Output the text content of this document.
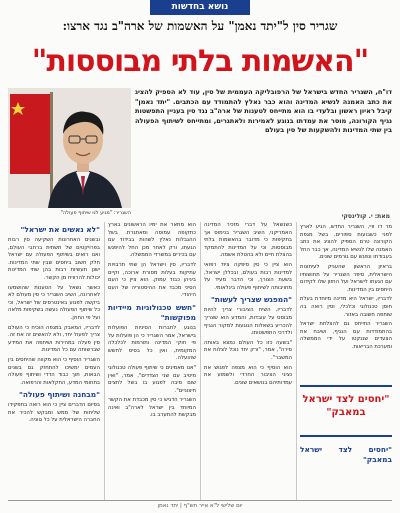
נושא בחדשות
שגריר סין ל"יתד נאמן" על האשמות של ארה"ב נגד ארצו:
"האשמות בלתי מבוססות"

דו"ח, השגריר החדש בישראל של הרפובליקה העממית של סין, עוד לא הספיק להציג את כתב האמנה לנשיא המדינה והוא כבר נאלץ להתמודד עם הכתבים. "יתד נאמן" קיבל ראיון ראשון ובלעדי בו הוא מתייחס לטענות של ארה"ב נגד סין בעניין התפשטות נגיף הקורונה, מוסר את עמדתו בנוגע לאמירות ולאתגרים, ומתייחס לשיתוף הפעולה בין שתי המדינות ולהשקעות של סין בעולם

השגריר: "מגיע לנו שיתוף פעולה"	מאת: י. קולינסקי
"לא נאשים את ישראל"

ובשנים האחרונות השקיעה סין רבות בפרויקטים של תשתית ברחבי העולם, ואנו רואים בשיתוף הפעולה עם ישראל חלק חשוב ביחסים שבין שתי המדינות. ישנן תעשיות רבות בהן שתי המדינות יכולות להרוויח מן הקשר.

כאשר נשאל על הטענות שהושמעו לאחרונה, השיב השגריר כי סין מעולם לא ביקשה לפגוע באינטרסים של ישראל, וכי כל שיתוף הפעולה נעשה בשקיפות מלאה ועל פי החוק.

לדבריו, המאבק במגפה הוכיח כי העולם צריך לפעול יחד, ולא להאשים זה את זה. סין פעלה במהירות ושיתפה את המידע שברשותה עם כל המדינות.

השגריר הוסיף כי הוא מקווה שהיחסים בין העמים ימשיכו להתחזק גם בשנים הבאות, תוך כבוד הדדי ושיתוף פעולה בתחומי המדע, החקלאות והרפואה.

"מבחנה ושיתוף פעולה"

בסיום הדברים ציין כי הוא רואה בתפקידו שליחות של ממש ומבקש להכיר את החברה הישראלית על כל גווניה.

הוא מתאר את ימיו הראשונים בארץ כתקופה עמוסה ומאתגרת. בשל ההגבלות נאלץ לשהות בבידוד עם הגעתו, ורק לאחר מכן החל להיפגש עם בכירים במשרדי הממשלה.

לדבריו, סין וישראל הן שתי תרבויות עתיקות בעלות מסורת ארוכה, וקיים ביניהן כבוד עמוק. הוא ציין כי העם הסיני מכבד את ההיסטוריה של העם היהודי.

"חשש טכנולוגיות מיידיות מפוקשות"

בנוגע לחברות הסיניות הפועלות בישראל, אמר השגריר כי הן פועלות על פי חוקי המדינה ותורמות לכלכלה המקומית, ואין כל בסיס לחשש שהועלה.

"אנו מאמינים כי שיתוף פעולה טכנולוגי מיטיב עם שני הצדדים", אמר, "ואין שום סיבה לפגוע בו בשל לחצים חיצוניים".

השגריר הדגיש כי סין מכבדת את הקשר המיוחד בין ישראל לארה"ב ואינה מבקשת להתערב בו.

כשנשאל על דברי מזכיר המדינה האמריקני, השיב השגריר בנימוס אך בתקיפות כי מדובר בהאשמות בלתי מבוססות, וכי על המדינות להתמקד בהצלת חיים ולא בהטלת אשמה.

הוא ציין כי סין סיפקה ציוד רפואי למדינות רבות בעולם, ובכללן ישראל, בשעת הצורך, וכי הדבר מעיד על מחויבותה לשיתוף פעולה בינלאומי.

"המפגש שצריך לעשות"

לדבריו, השיח הציבורי צריך להיות מבוסס על עובדות, והמדע הוא שצריך להכריע בשאלות הנוגעות למקור הנגיף ולדרכי התפשטותו.

"בשעה כזו כל העולם נמצא באותה סירה", אמר, "ורק יחד נוכל לצלוח את המשבר".

הוא הוסיף כי הוא מצפה לפגוש את נציגי הציבור החרדי ולשמוע את עמדותיהם בנושאים שונים.

מר דו וויי, השגריר החדש, הגיע לארץ לפני כשבועות ספורים. בשל מגפת הקורונה טרם הספיק להציג את כתב האמנה שלו לנשיא המדינה, אך כבר החל בעבודתו ונפגש עם גורמים שונים.

בראיון הראשון שהעניק לעיתונות הישראלית, סיפר השגריר על תחושותיו עם הגעתו לישראל ועל החזון שלו לקידום היחסים בין המדינות.

לדבריו, ישראל היא מדינה מיוחדת בעלת חוסן טכנולוגי וכלכלי, וסין רואה בה שותפה חשובה באזור.

השגריר התייחס גם להצלחת ישראל בהתמודדות עם הנגיף, ושיבח את הצעדים שננקטו על ידי הממשלה ומערכת הבריאות.

"יחסים לצד ישראל במאבק"
"יחסים לצד ישראל במאבק"
יום שלישי ל"א אייר תש"ף | יתד נאמן
